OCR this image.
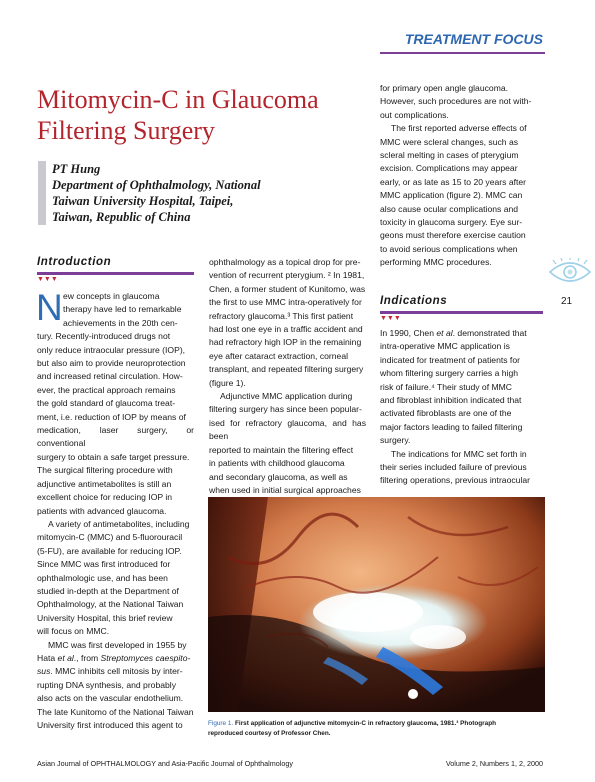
TREATMENT FOCUS
Mitomycin-C in Glaucoma
Filtering Surgery
PT Hung
Department of Ophthalmology, National
Taiwan University Hospital, Taipei,
Taiwan, Republic of China
Introduction
▼▼▼
N ew concepts in glaucoma
therapy have led to remarkable
achievements in the 20th cen-
tury. Recently-introduced drugs not
only reduce intraocular pressure (IOP),
but also aim to provide neuroprotection
and increased retinal circulation. How-
ever, the practical approach remains
the gold standard of glaucoma treat-
ment, i.e. reduction of IOP by means of
medication, laser surgery, or conventional
surgery to obtain a safe target pressure.
The surgical filtering procedure with
adjunctive antimetabolites is still an
excellent choice for reducing IOP in
patients with advanced glaucoma.
A variety of antimetabolites, including
mitomycin-C (MMC) and 5-fluorouracil
(5-FU), are available for reducing IOP.
Since MMC was first introduced for
ophthalmologic use, and has been
studied in-depth at the Department of
Ophthalmology, at the National Taiwan
University Hospital, this brief review
will focus on MMC.
MMC was first developed in 1955 by
Hata et al., from Streptomyces caespito-
sus. MMC inhibits cell mitosis by inter-
rupting DNA synthesis, and probably
also acts on the vascular endothelium.
The late Kunitomo of the National Taiwan
University first introduced this agent to
ophthalmology as a topical drop for pre-
vention of recurrent pterygium. ² In 1981,
Chen, a former student of Kunitomo, was
the first to use MMC intra-operatively for
refractory glaucoma.³ This first patient
had lost one eye in a traffic accident and
had refractory high IOP in the remaining
eye after cataract extraction, corneal
transplant, and repeated filtering surgery
(figure 1).
Adjunctive MMC application during
filtering surgery has since been popular-
ised for refractory glaucoma, and has been
reported to maintain the filtering effect
in patients with childhood glaucoma
and secondary glaucoma, as well as
when used in initial surgical approaches
for primary open angle glaucoma.
However, such procedures are not with-
out complications.
The first reported adverse effects of
MMC were scleral changes, such as
scleral melting in cases of pterygium
excision. Complications may appear
early, or as late as 15 to 20 years after
MMC application (figure 2). MMC can
also cause ocular complications and
toxicity in glaucoma surgery. Eye sur-
geons must therefore exercise caution
to avoid serious complications when
performing MMC procedures.
Indications
▼▼▼
In 1990, Chen et al. demonstrated that
intra-operative MMC application is
indicated for treatment of patients for
whom filtering surgery carries a high
risk of failure.⁴ Their study of MMC
and fibroblast inhibition indicated that
activated fibroblasts are one of the
major factors leading to failed filtering
surgery.
The indications for MMC set forth in
their series included failure of previous
filtering operations, previous intraocular
21
Figure 1. First application of adjunctive mitomycin-C in refractory glaucoma, 1981.³ Photograph
reproduced courtesy of Professor Chen.
Asian Journal of OPHTHALMOLOGY and Asia-Pacific Journal of Ophthalmology	Volume 2, Numbers 1, 2, 2000
